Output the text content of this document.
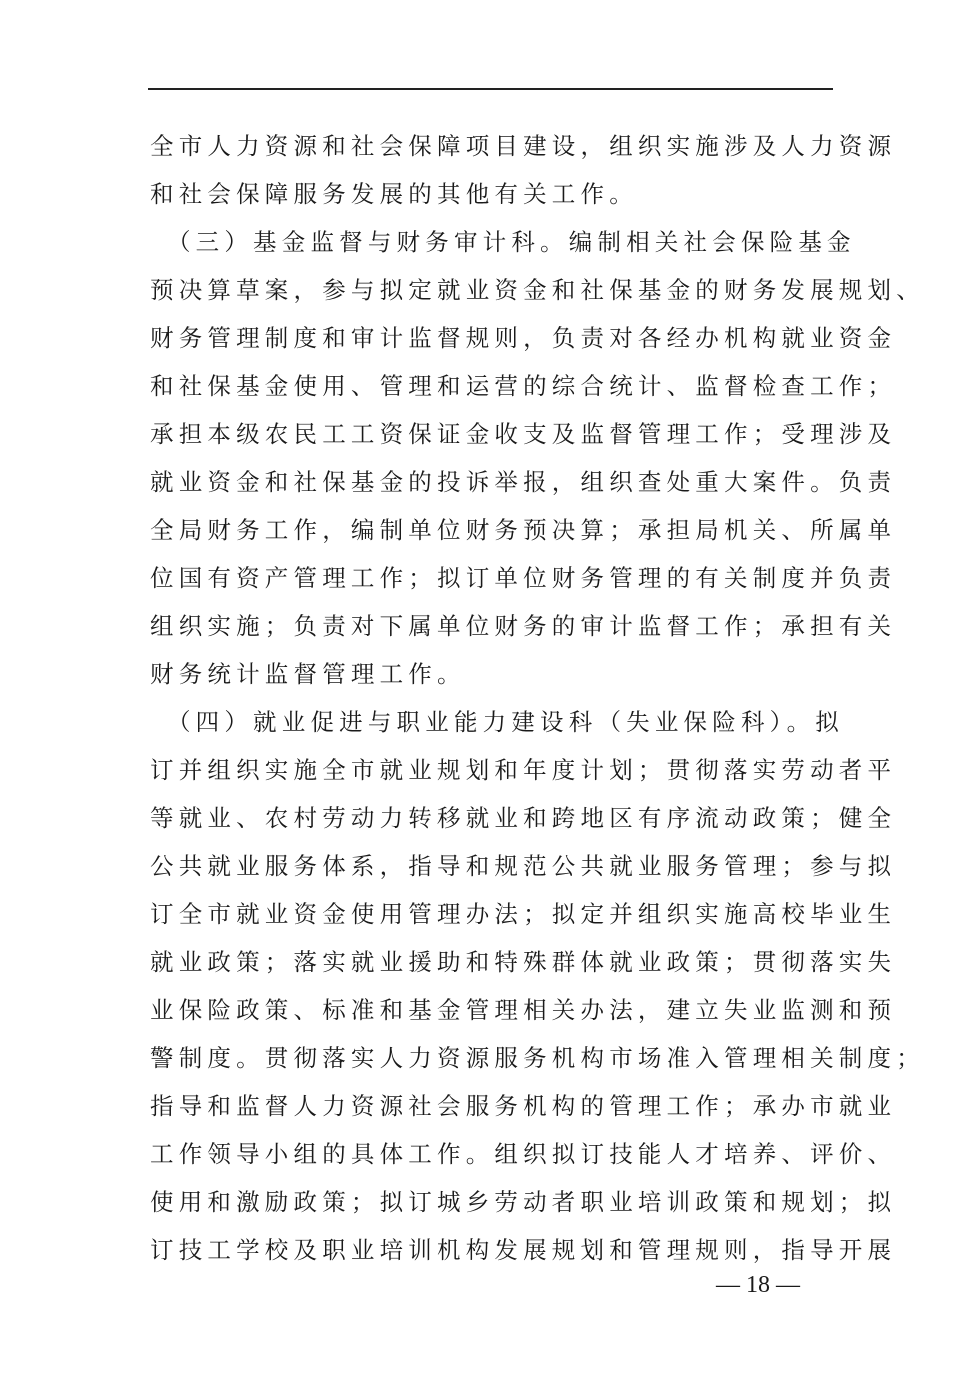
全市人力资源和社会保障项目建设，组织实施涉及人力资源
和社会保障服务发展的其他有关工作。
　（三）基金监督与财务审计科。编制相关社会保险基金
预决算草案，参与拟定就业资金和社保基金的财务发展规划、
财务管理制度和审计监督规则，负责对各经办机构就业资金
和社保基金使用、管理和运营的综合统计、监督检查工作；
承担本级农民工工资保证金收支及监督管理工作；受理涉及
就业资金和社保基金的投诉举报，组织查处重大案件。负责
全局财务工作，编制单位财务预决算；承担局机关、所属单
位国有资产管理工作；拟订单位财务管理的有关制度并负责
组织实施；负责对下属单位财务的审计监督工作；承担有关
财务统计监督管理工作。
　（四）就业促进与职业能力建设科（失业保险科）。拟
订并组织实施全市就业规划和年度计划；贯彻落实劳动者平
等就业、农村劳动力转移就业和跨地区有序流动政策；健全
公共就业服务体系，指导和规范公共就业服务管理；参与拟
订全市就业资金使用管理办法；拟定并组织实施高校毕业生
就业政策；落实就业援助和特殊群体就业政策；贯彻落实失
业保险政策、标准和基金管理相关办法，建立失业监测和预
警制度。贯彻落实人力资源服务机构市场准入管理相关制度；
指导和监督人力资源社会服务机构的管理工作；承办市就业
工作领导小组的具体工作。组织拟订技能人才培养、评价、
使用和激励政策；拟订城乡劳动者职业培训政策和规划；拟
订技工学校及职业培训机构发展规划和管理规则，指导开展
— 18 —
